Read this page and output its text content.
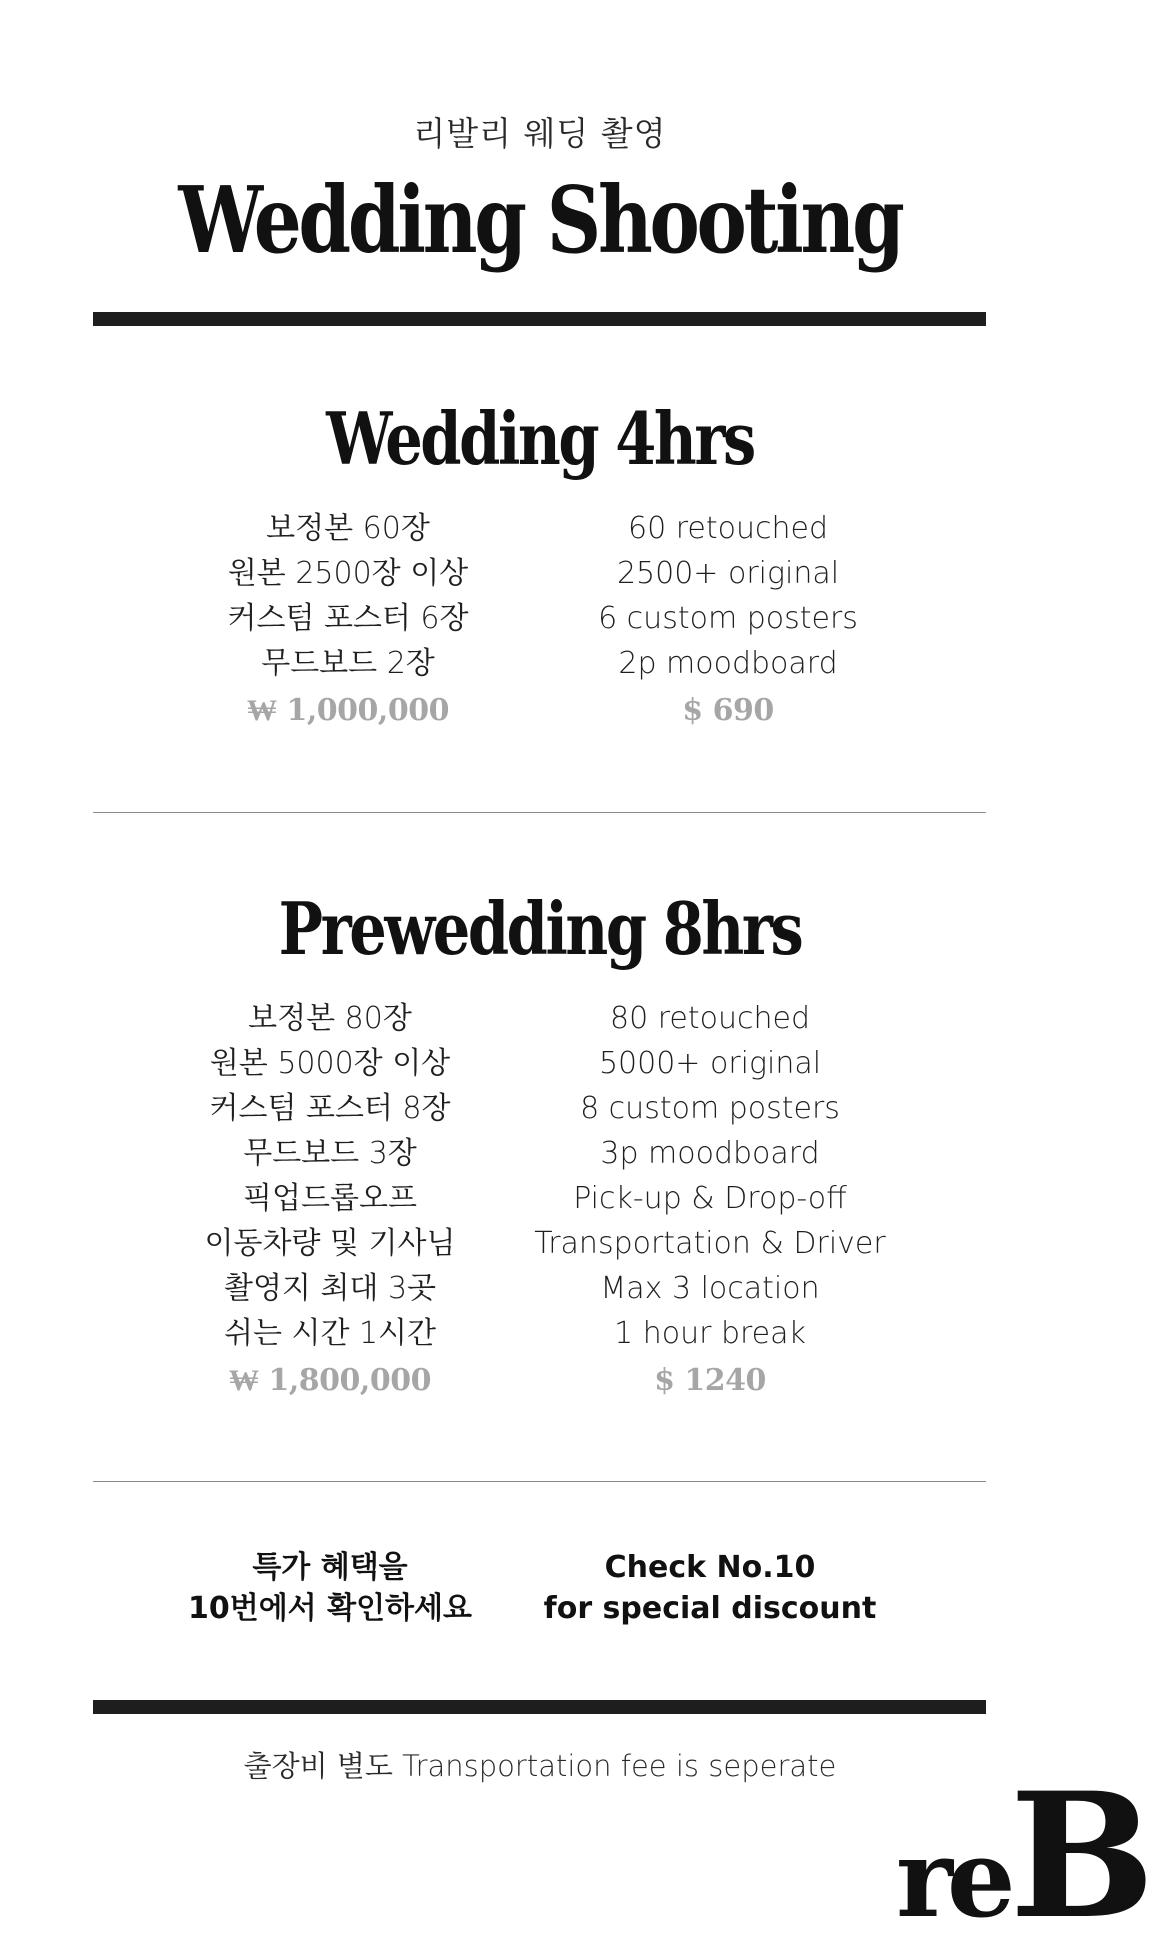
리발리 웨딩 촬영
Wedding Shooting
Wedding 4hrs
보정본 60장
원본 2500장 이상
커스텀 포스터 6장
무드보드 2장
₩ 1,000,000
60 retouched
2500+ original
6 custom posters
2p moodboard
$ 690
Prewedding 8hrs
보정본 80장
원본 5000장 이상
커스텀 포스터 8장
무드보드 3장
픽업드롭오프
이동차량 및 기사님
촬영지 최대 3곳
쉬는 시간 1시간
₩ 1,800,000
80 retouched
5000+ original
8 custom posters
3p moodboard
Pick-up & Drop-off
Transportation & Driver
Max 3 location
1 hour break
$ 1240
특가 혜택을
10번에서 확인하세요
Check No.10
for special discount
출장비 별도 Transportation fee is seperate
reB
